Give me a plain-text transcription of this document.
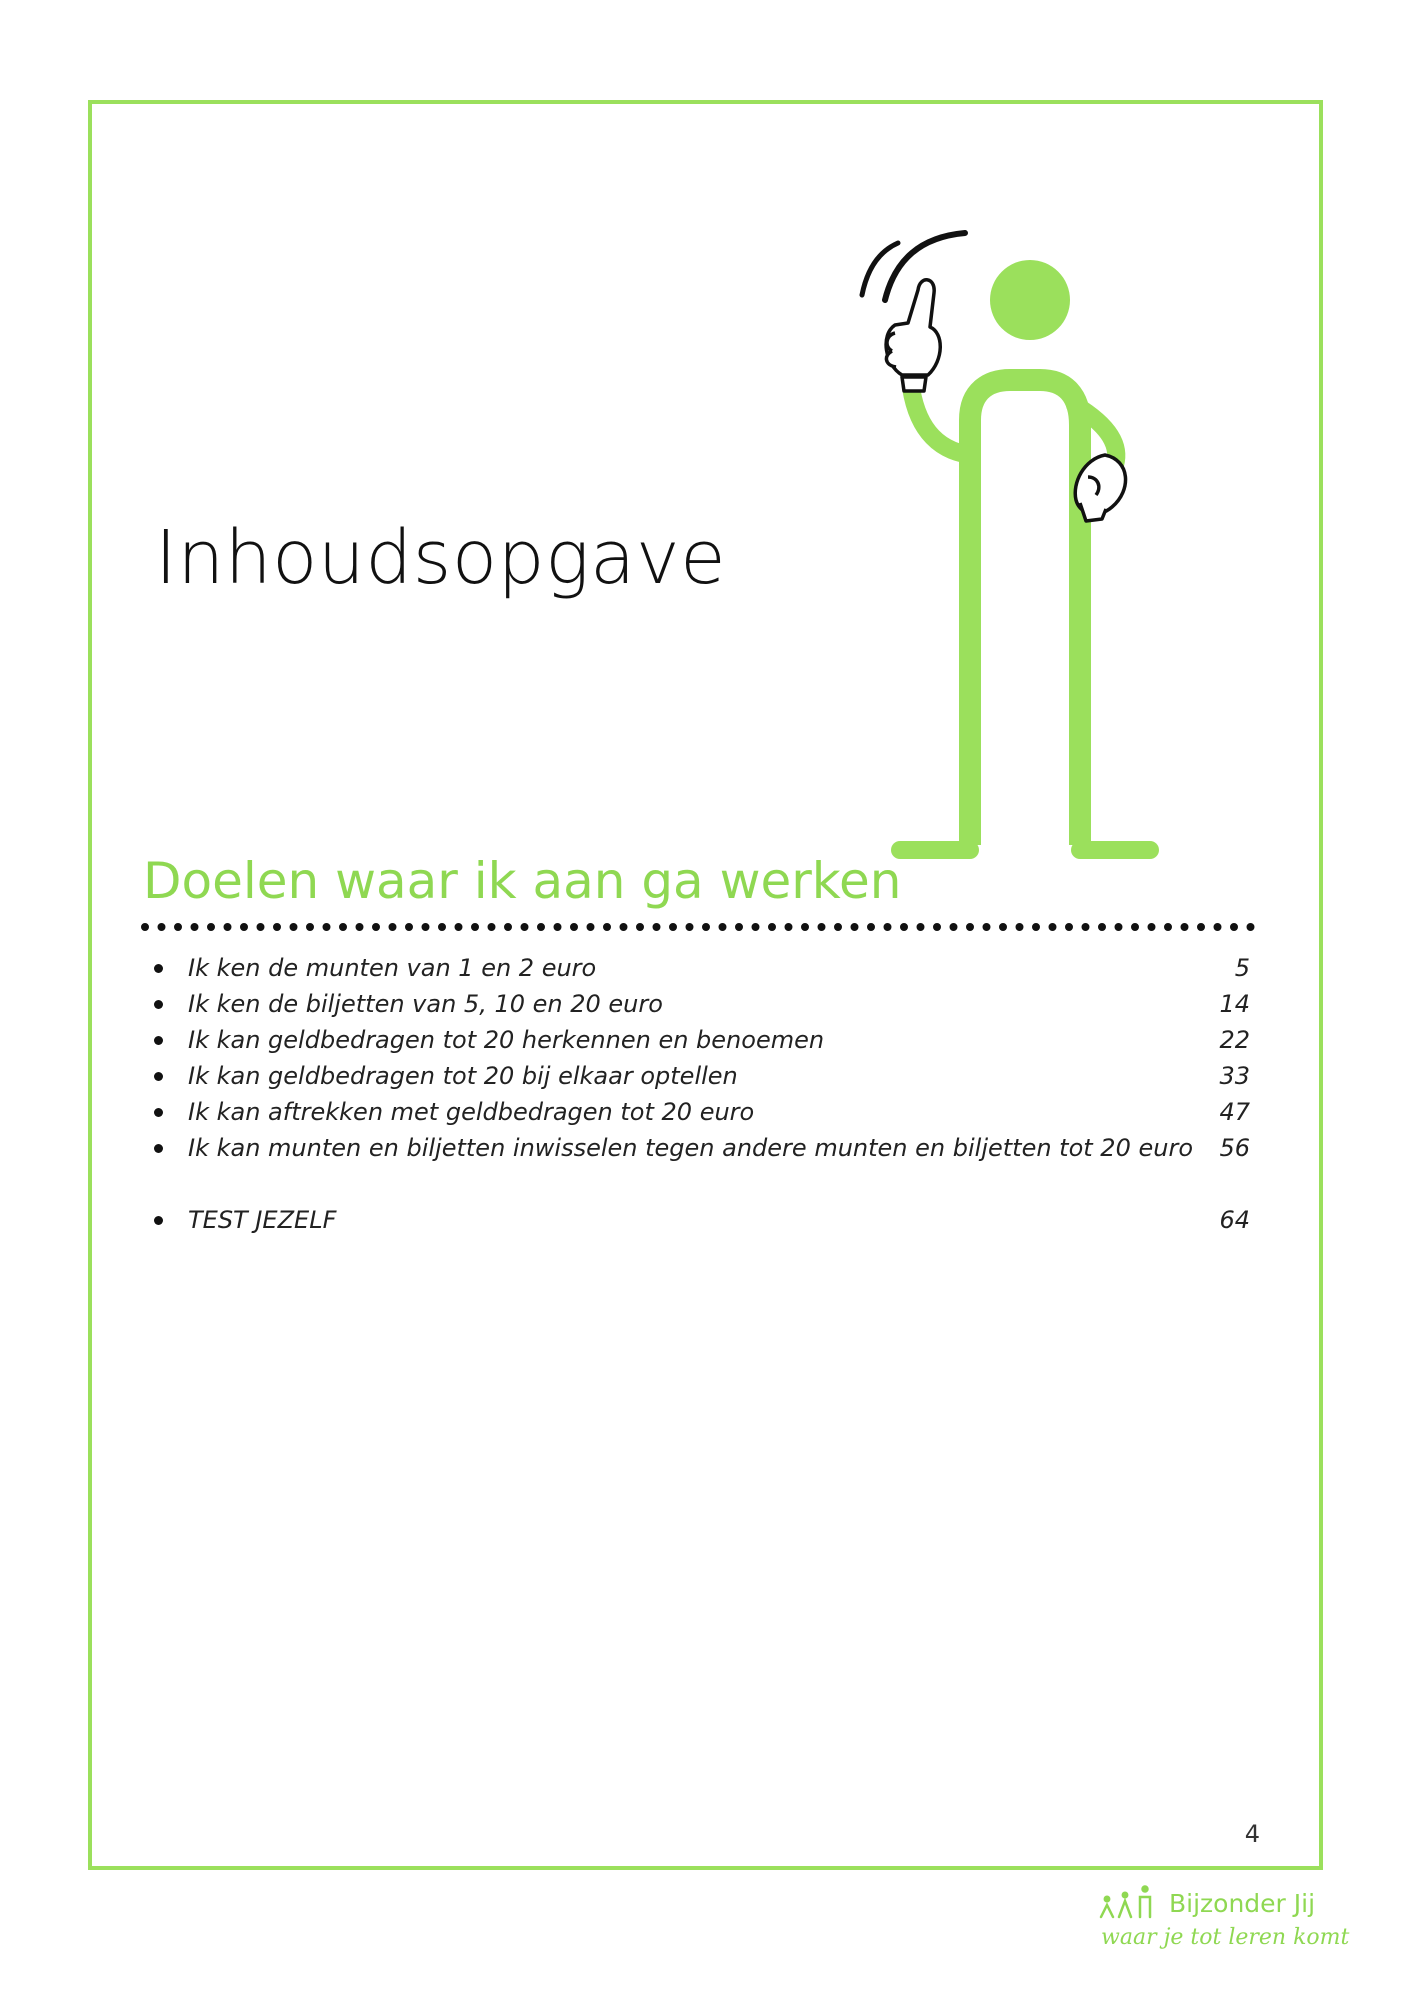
Inhoudsopgave
Doelen waar ik aan ga werken
Ik ken de munten van 1 en 2 euro	5
Ik ken de biljetten van 5, 10 en 20 euro	14
Ik kan geldbedragen tot 20 herkennen en benoemen	22
Ik kan geldbedragen tot 20 bij elkaar optellen	33
Ik kan aftrekken met geldbedragen tot 20 euro	47
Ik kan munten en biljetten inwisselen tegen andere munten en biljetten tot 20 euro	56
TEST JEZELF	64
4
Bijzonder Jij
waar je tot leren komt
